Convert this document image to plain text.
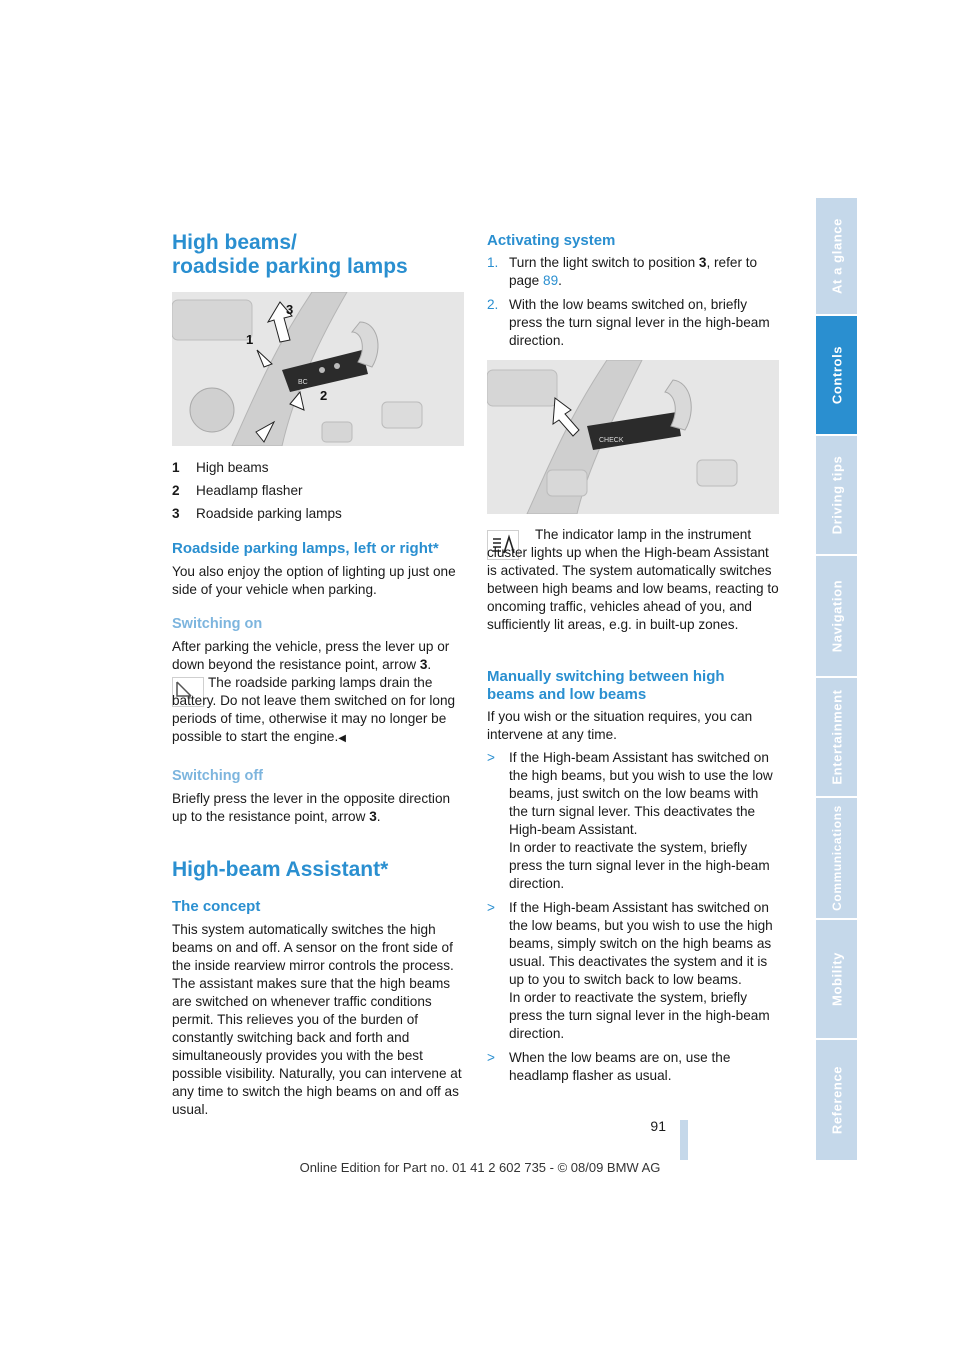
High beams/
roadside parking lamps
1
2
3
BC
1	High beams
2	Headlamp flasher
3	Roadside parking lamps
Roadside parking lamps, left or right*

You also enjoy the option of lighting up just one side of your vehicle when parking.

Switching on

After parking the vehicle, press the lever up or down beyond the resistance point, arrow 3.

The roadside parking lamps drain the battery. Do not leave them switched on for long periods of time, otherwise it may no longer be possible to start the engine.◀

Switching off

Briefly press the lever in the opposite direction up to the resistance point, arrow 3.

High-beam Assistant*
The concept

This system automatically switches the high beams on and off. A sensor on the front side of the inside rearview mirror controls the process. The assistant makes sure that the high beams are switched on whenever traffic conditions permit. This relieves you of the burden of constantly switching back and forth and simultaneously provides you with the best possible visibility. Naturally, you can intervene at any time to switch the high beams on and off as usual.

Activating system
1. Turn the light switch to position 3, refer to page 89.
2. With the low beams switched on, briefly press the turn signal lever in the high-beam direction.
CHECK

The indicator lamp in the instrument cluster lights up when the High-beam Assistant is activated. The system automatically switches between high beams and low beams, reacting to oncoming traffic, vehicles ahead of you, and sufficiently lit areas, e.g. in built-up zones.

Manually switching between high
beams and low beams

If you wish or the situation requires, you can intervene at any time.

>	If the High-beam Assistant has switched on the high beams, but you wish to use the low beams, just switch on the low beams with the turn signal lever. This deactivates the High-beam Assistant.
In order to reactivate the system, briefly press the turn signal lever in the high-beam direction.
>	If the High-beam Assistant has switched on the low beams, but you wish to use the high beams, simply switch on the high beams as usual. This deactivates the system and it is up to you to switch back to low beams.
In order to reactivate the system, briefly press the turn signal lever in the high-beam direction.
>	When the low beams are on, use the headlamp flasher as usual.
At a glance
Controls
Driving tips
Navigation
Entertainment
Communications
Mobility
Reference
91
Online Edition for Part no. 01 41 2 602 735 - © 08/09 BMW AG
